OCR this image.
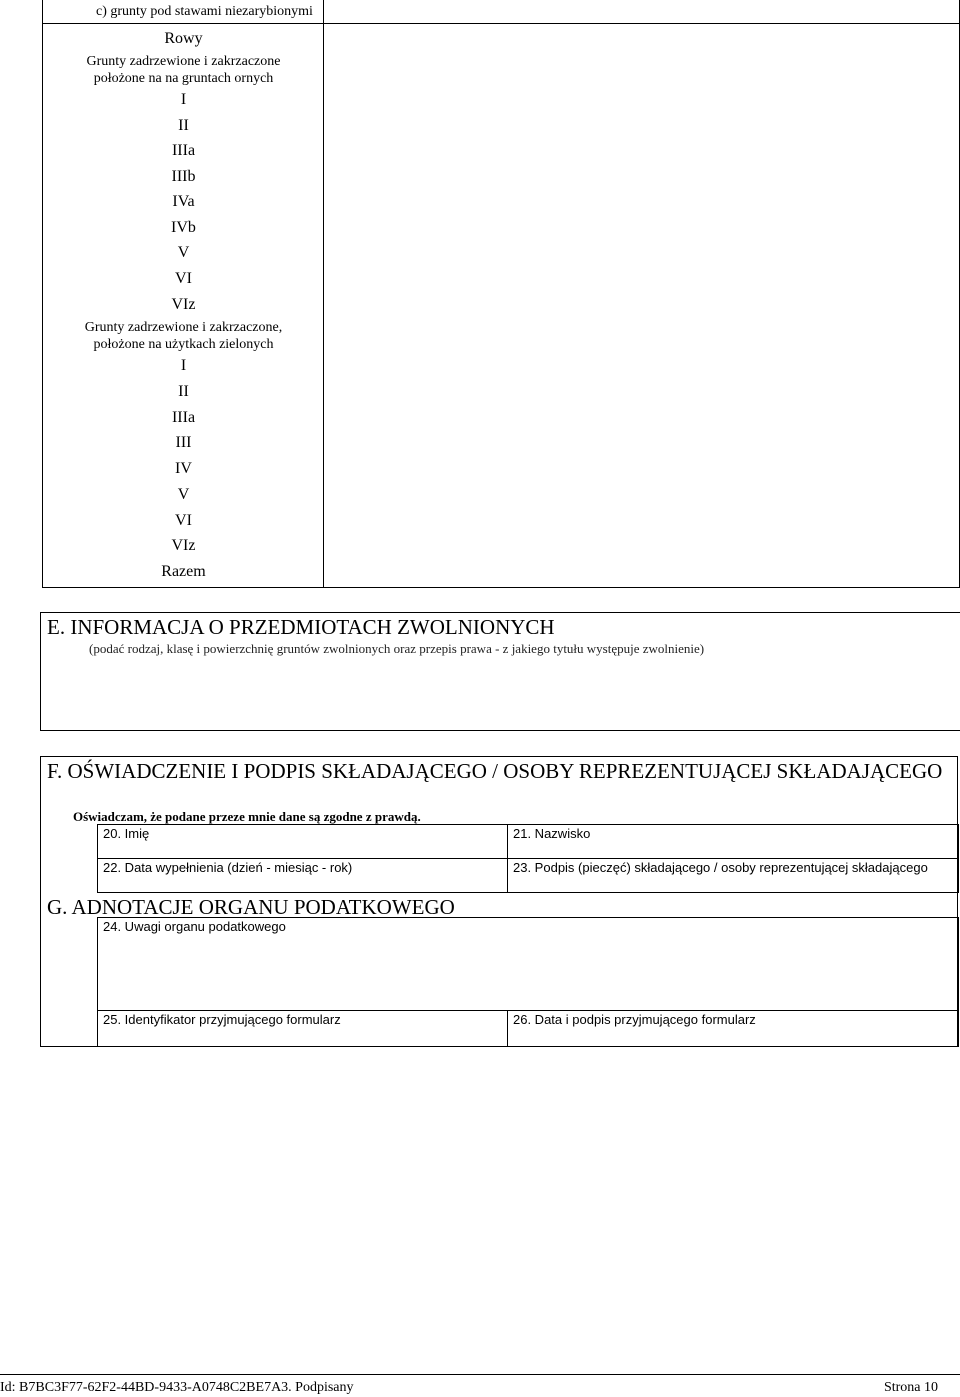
c) grunty pod stawami niezarybionymi
Rowy
Grunty zadrzewione i zakrzaczone
położone na na gruntach ornych
I
II
IIIa
IIIb
IVa
IVb
V
VI
VIz
Grunty zadrzewione i zakrzaczone,
położone na użytkach zielonych
I
II
IIIa
III
IV
V
VI
VIz
Razem
E. INFORMACJA O PRZEDMIOTACH ZWOLNIONYCH
(podać rodzaj, klasę i powierzchnię gruntów zwolnionych oraz przepis prawa - z jakiego tytułu występuje zwolnienie)
F. OŚWIADCZENIE I PODPIS SKŁADAJĄCEGO / OSOBY REPREZENTUJĄCEJ SKŁADAJĄCEGO
Oświadczam, że podane przeze mnie dane są zgodne z prawdą.
20. Imię	21. Nazwisko
22. Data wypełnienia (dzień - miesiąc - rok)	23. Podpis (pieczęć) składającego / osoby reprezentującej składającego
G. ADNOTACJE ORGANU PODATKOWEGO
24. Uwagi organu podatkowego
25. Identyfikator przyjmującego formularz	26. Data i podpis przyjmującego formularz
Id: B7BC3F77-62F2-44BD-9433-A0748C2BE7A3. Podpisany	Strona 10
